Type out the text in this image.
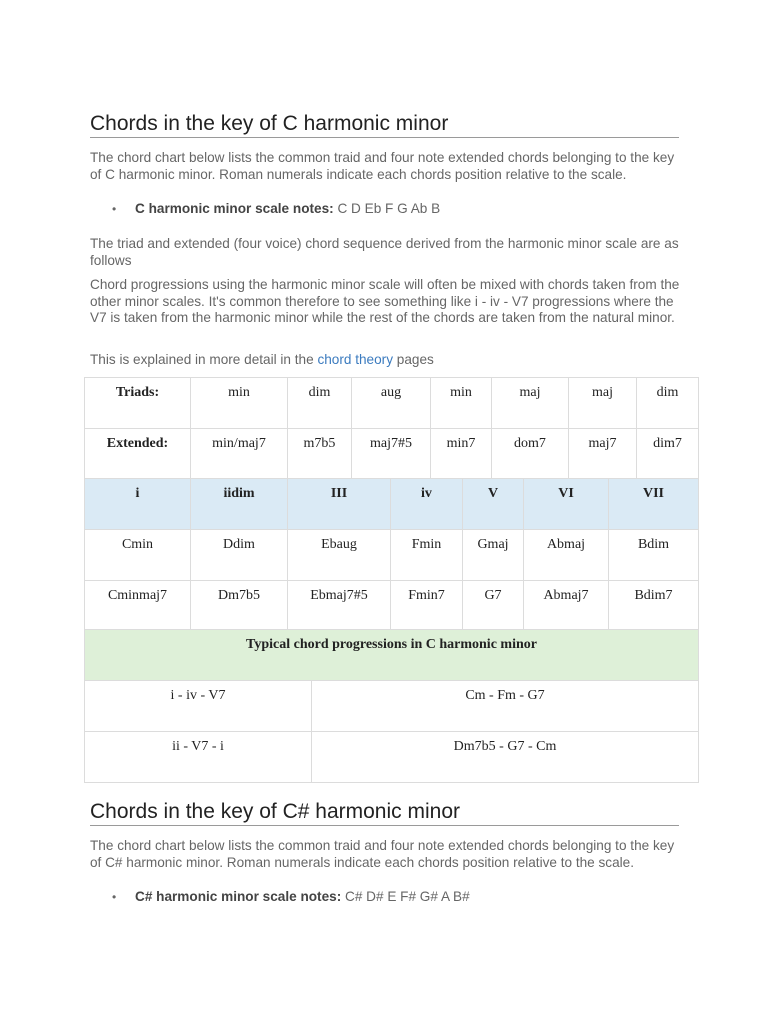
Chords in the key of C harmonic minor

The chord chart below lists the common traid and four note extended chords belonging to the key of C harmonic minor. Roman numerals indicate each chords position relative to the scale.

• C harmonic minor scale notes: C D Eb F G Ab B

The triad and extended (four voice) chord sequence derived from the harmonic minor scale are as follows

Chord progressions using the harmonic minor scale will often be mixed with chords taken from the other minor scales. It's common therefore to see something like i - iv - V7 progressions where the V7 is taken from the harmonic minor while the rest of the chords are taken from the natural minor.

This is explained in more detail in the chord theory pages

Triads:	min	dim	aug	min	maj	maj	dim
Extended:	min/maj7	m7b5	maj7#5	min7	dom7	maj7	dim7
i	iidim	III	iv	V	VI	VII
Cmin	Ddim	Ebaug	Fmin	Gmaj	Abmaj	Bdim
Cminmaj7	Dm7b5	Ebmaj7#5	Fmin7	G7	Abmaj7	Bdim7
Typical chord progressions in C harmonic minor	
i - iv - V7	Cm - Fm - G7
ii - V7 - i	Dm7b5 - G7 - Cm
Chords in the key of C# harmonic minor

The chord chart below lists the common traid and four note extended chords belonging to the key of C# harmonic minor. Roman numerals indicate each chords position relative to the scale.

• C# harmonic minor scale notes: C# D# E F# G# A B#
